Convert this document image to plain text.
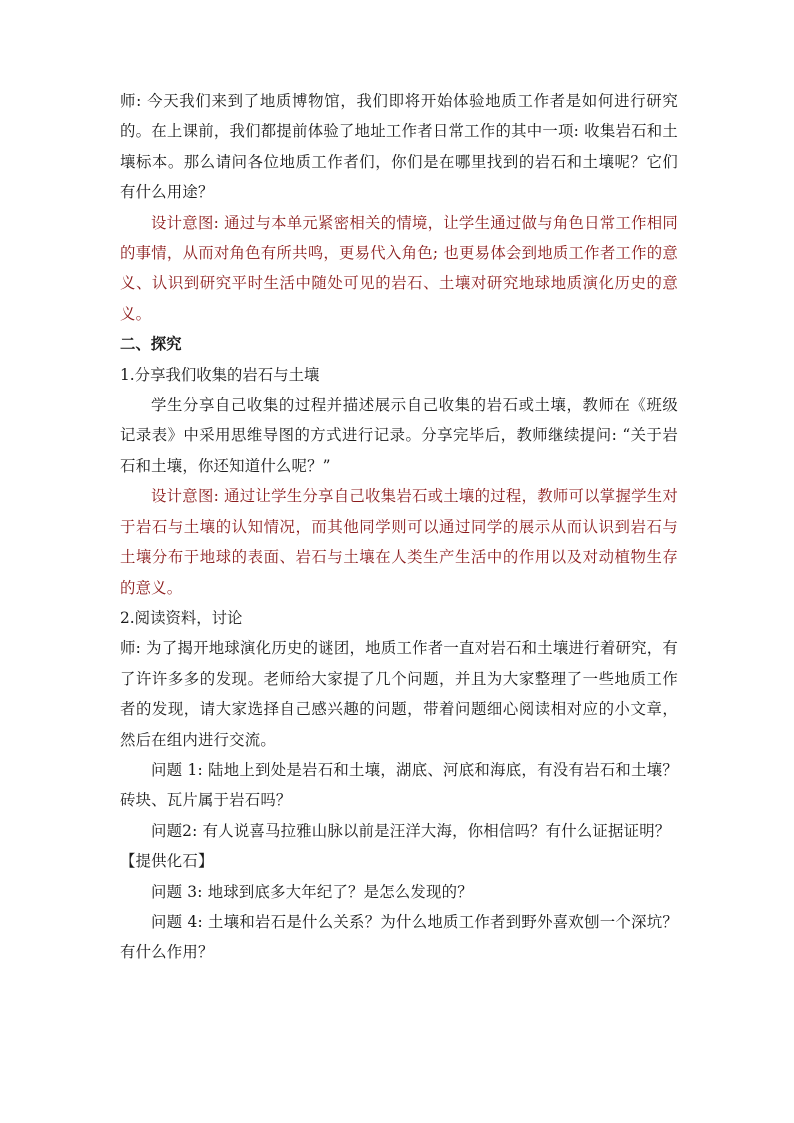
师: 今天我们来到了地质博物馆，我们即将开始体验地质工作者是如何进行研究的。在上课前，我们都提前体验了地址工作者日常工作的其中一项: 收集岩石和土壤标本。那么请问各位地质工作者们，你们是在哪里找到的岩石和土壤呢？它们有什么用途？

设计意图: 通过与本单元紧密相关的情境，让学生通过做与角色日常工作相同的事情，从而对角色有所共鸣，更易代入角色; 也更易体会到地质工作者工作的意义、认识到研究平时生活中随处可见的岩石、土壤对研究地球地质演化历史的意义。

二、探究

1.分享我们收集的岩石与土壤

学生分享自己收集的过程并描述展示自己收集的岩石或土壤，教师在《班级记录表》中采用思维导图的方式进行记录。分享完毕后，教师继续提问: “关于岩石和土壤，你还知道什么呢？”

设计意图: 通过让学生分享自己收集岩石或土壤的过程，教师可以掌握学生对于岩石与土壤的认知情况，而其他同学则可以通过同学的展示从而认识到岩石与土壤分布于地球的表面、岩石与土壤在人类生产生活中的作用以及对动植物生存的意义。

2.阅读资料，讨论

师: 为了揭开地球演化历史的谜团，地质工作者一直对岩石和土壤进行着研究，有了许许多多的发现。老师给大家提了几个问题，并且为大家整理了一些地质工作者的发现，请大家选择自己感兴趣的问题，带着问题细心阅读相对应的小文章，然后在组内进行交流。

问题 1: 陆地上到处是岩石和土壤，湖底、河底和海底，有没有岩石和土壤？砖块、瓦片属于岩石吗？

问题2: 有人说喜马拉雅山脉以前是汪洋大海，你相信吗？有什么证据证明？

【提供化石】

问题 3: 地球到底多大年纪了？是怎么发现的？

问题 4: 土壤和岩石是什么关系？为什么地质工作者到野外喜欢刨一个深坑？有什么作用？
